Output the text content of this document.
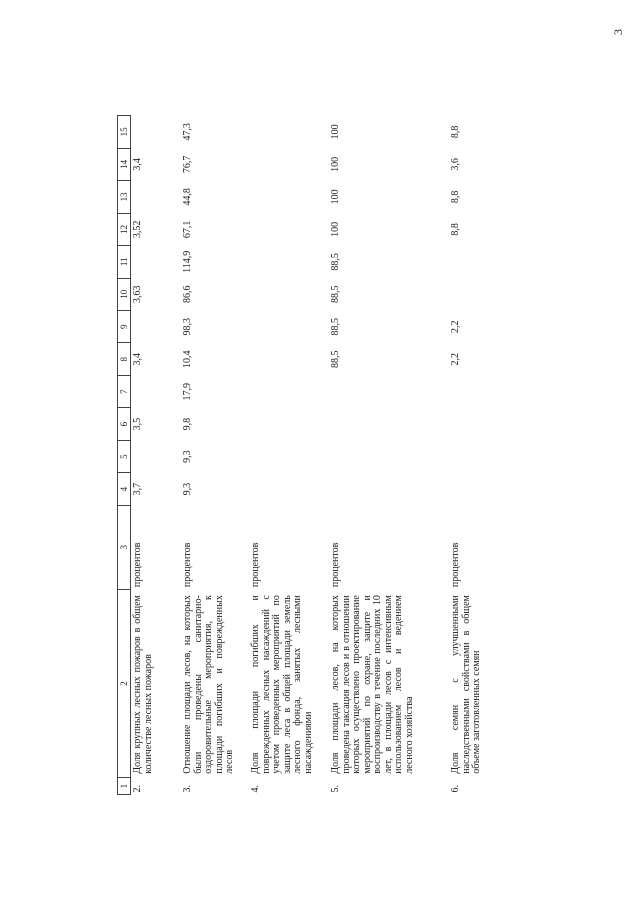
3
1	2	3	4	5	6	7	8	9	10	11	12	13	14	15
2.	Доля крупных лесных пожаров в общем количестве лесных пожаров	процентов	3,7		3,5		3,4		3,63		3,52		3,4	
3.	Отношение площади лесов, на которых были проведены санитарно-оздоровительные мероприятия, к площади погибших и поврежденных лесов	процентов	9,3	9,3	9,8	17,9	10,4	98,3	86,6	114,9	67,1	44,8	76,7	47,3
4.	Доля площади погибших и поврежденных лесных насаждений с учетом проведенных мероприятий по защите леса в общей площади земель лесного фонда, занятых лесными насаждениями	процентов												
5.	Доля площади лесов, на которых проведена таксация лесов и в отношении которых осуществлено проектирование мероприятий по охране, защите и воспроизводству в течение последних 10 лет, в площади лесов с интенсивным использованием лесов и ведением лесного хозяйства	процентов					88,5	88,5	88,5	88,5	100	100	100	100
6.	Доля семян с улучшенными наследственными свойствами в общем объеме заготовленных семян	процентов					2,2	2,2			8,8	8,8	3,6	8,8
